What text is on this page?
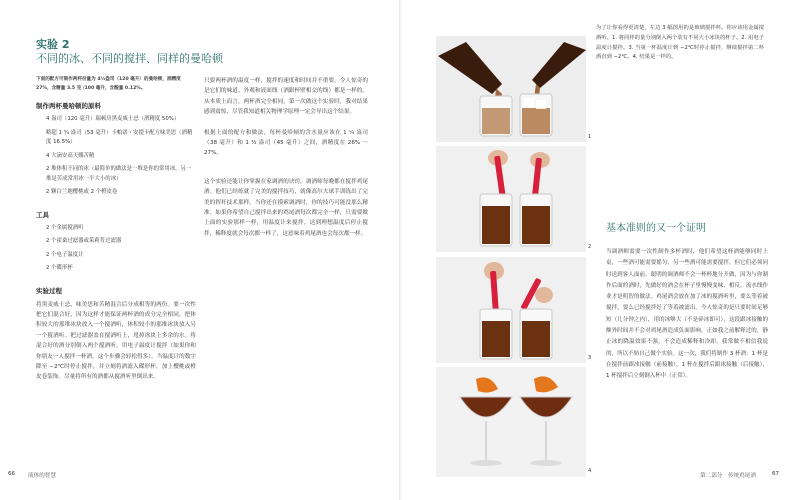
实验 2
不同的冰、不同的搅拌、同样的曼哈顿

下面的配方可制作两杯份量为 4½盎司（120 毫升）的曼哈顿，酒精度 27%，含糖量 3.5 克 /100 毫升，含酸量 0.12%。

制作两杯曼哈顿的原料
4 盎司（120 毫升）瑞顿房黑麦威士忌（酒精度 50%）
略超 1 ³⁄₄ 盎司（53 毫升）卡帕诺・安提卡配方味美思（酒精度 16.5%）
4 大滴安高天娜苦精
2 堆体积不同的冰（最简单的做法是一堆是你的常用冰，另一堆是苦成常用冰一半大小的冰）
2 颗白兰地樱桃或 2 个橙皮卷
工具
2 个金属搅酒听
2 个霍桑过滤器或茱莉普过滤器
2 个电子温度计
2 个碟形杯
实验过程

将黑麦威士忌、味美思和苦精混合后分成相等的两份。要一次性把它们混合好，因为这样才能保证两杯酒的成分完全相同。把体积较大的那堆冰块放入一个搅酒听，体积较小的那堆冰块放入另一个搅酒听。把过滤器盖在搅酒听上，甩掉冰块上多余的水。将混合好的酒分别倒入两个搅酒听，用电子温度计搅拌（如果你和你朋友一人搅拌一杯酒，这个步骤会轻松得多）。当温度计的数字降至 −2℃时停止搅拌，并立刻将酒滤入碟形杯，加上樱桃或橙皮卷装饰。尽量将所有的酒都从搅酒听里倒出来。

只要两杯酒的温度一样，搅拌的速度和时间并不重要。令人惊奇的是它们的味道、外观和液面线（酒跟杯壁相交的线）都是一样的。从本质上而言，两杯酒完全相同。第一次做这个实验时，我对结果感到震惊，尽管我知道相关物理学原理一定会导出这个结果。

根据上面的配方和做法，每杯曼哈顿的含水量应该在 1 ¹⁄₄ 盎司（38 毫升）和 1 ¹⁄₂ 盎司（45 毫升）之间，酒精度在 26% ～ 27%。

这个实验还能让你掌握在家调酒的诀窍。调酒师每晚都在搅拌鸡尾酒。他们已经练就了完美的搅拌技巧，就像高尔夫球手训练出了完美的挥杆技术那样。当你还在摸索调酒时，你的技巧可能没那么精准。如果你希望自己搅拌出来的鸡尾酒每次都完全一样，只需要做上面的实验那样一样，用温度计来搅拌。达到理想温度后停止搅拌，稀释度就会每次都一样了，这意味着鸡尾酒也会每次都一样。

66 液体的智慧
1
2
3
4
为了让你看得更清楚，左边 3 幅图用的是玻璃搅拌杯。你应该用金属搅酒听。1. 将同样的量分别倒入两个装有不同大小冰块的杯子。2. 用电子温度计搅拌。3. 当第一杯温度计到 −2℃时停止搅拌，继续搅拌第二杯酒直到 −2℃。4. 结果是一样的。
基本准则的又一个证明
当调酒师需要一次性制作多杯酒时，他们希望这杯酒能够同时上桌，一些酒可能需要摇匀，另一些酒可能需要搅拌，但它们必须同时送到客人面前。聪明的调酒师不会一杯杯地分开做，因为与你制作后面的酒时，先做好的酒会在杯子里慢慢变味、相反，流水线作业才是明智的做法。鸡尾酒会放在加了冰的搅酒听里，要么等着被搅拌，要么已经搅拌好了等着被滤出。今人惊奇的是只要时间足够短（几分钟之内），用的冰够大（不是碎冰即可），这段跟冰接触的额外时间并不会对鸡尾酒造成负面影响。正如我之前解释过的，静止冰的降温效果不强，不会造成稀释和冷却。我常做不相信我说的，所以不妨自己做个实验。这一次，我们将制作 3 杯酒：1 杯是在搅拌前跟冰接触（前接触），1 杯在搅拌后跟冰接触（后接触），1 杯搅拌后立刻倒入杯中（正常）。
第二部分　传统鸡尾酒	67
